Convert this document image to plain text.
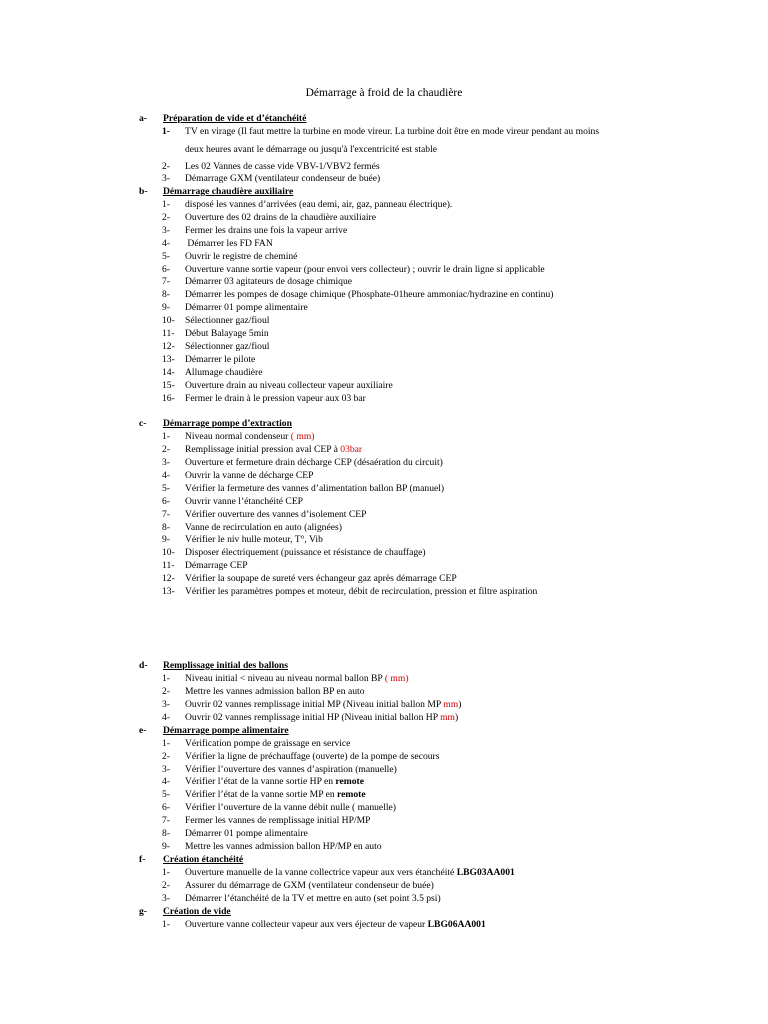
Démarrage à froid de la chaudière
a- Préparation de vide et d’étanchéité
1- TV en virage (Il faut mettre la turbine en mode vireur. La turbine doit être en mode vireur pendant au moins
deux heures avant le démarrage ou jusqu'à l'excentricité est stable
2- Les 02 Vannes de casse vide VBV-1/VBV2 fermés
3- Démarrage GXM (ventilateur condenseur de buée)
b- Démarrage chaudière auxiliaire
1- disposé les vannes d’arrivées (eau demi, air, gaz, panneau électrique).
2- Ouverture des 02 drains de la chaudière auxiliaire
3- Fermer les drains une fois la vapeur arrive
4- Démarrer les FD FAN
5- Ouvrir le registre de cheminé
6- Ouverture vanne sortie vapeur (pour envoi vers collecteur) ; ouvrir le drain ligne si applicable
7- Démarrer 03 agitateurs de dosage chimique
8- Démarrer les pompes de dosage chimique (Phosphate-01heure ammoniac/hydrazine en continu)
9- Démarrer 01 pompe alimentaire
10- Sélectionner gaz/fioul
11- Début Balayage 5min
12- Sélectionner gaz/fioul
13- Démarrer le pilote
14- Allumage chaudière
15- Ouverture drain au niveau collecteur vapeur auxiliaire
16- Fermer le drain à le pression vapeur aux 03 bar
c- Démarrage pompe d’extraction
1- Niveau normal condenseur ( mm)
2- Remplissage initial pression aval CEP à 03bar
3- Ouverture et fermeture drain décharge CEP (désaération du circuit)
4- Ouvrir la vanne de décharge CEP
5- Vérifier la fermeture des vannes d’alimentation ballon BP (manuel)
6- Ouvrir vanne l’étanchéité CEP
7- Vérifier ouverture des vannes d’isolement CEP
8- Vanne de recirculation en auto (alignées)
9- Vérifier le niv hulle moteur, T°, Vib
10- Disposer électriquement (puissance et résistance de chauffage)
11- Démarrage CEP
12- Vérifier la soupape de sureté vers échangeur gaz après démarrage CEP
13- Vérifier les paramètres pompes et moteur, débit de recirculation, pression et filtre aspiration
d- Remplissage initial des ballons
1- Niveau initial < niveau au niveau normal ballon BP ( mm)
2- Mettre les vannes admission ballon BP en auto
3- Ouvrir 02 vannes remplissage initial MP (Niveau initial ballon MP mm)
4- Ouvrir 02 vannes remplissage initial HP (Niveau initial ballon HP mm)
e- Démarrage pompe alimentaire
1- Vérification pompe de graissage en service
2- Vérifier la ligne de préchauffage (ouverte) de la pompe de secours
3- Vérifier l’ouverture des vannes d’aspiration (manuelle)
4- Vérifier l’état de la vanne sortie HP en remote
5- Vérifier l’état de la vanne sortie MP en remote
6- Vérifier l’ouverture de la vanne débit nulle ( manuelle)
7- Fermer les vannes de remplissage initial HP/MP
8- Démarrer 01 pompe alimentaire
9- Mettre les vannes admission ballon HP/MP en auto
f- Création étanchéité
1- Ouverture manuelle de la vanne collectrice vapeur aux vers étanchéité LBG03AA001
2- Assurer du démarrage de GXM (ventilateur condenseur de buée)
3- Démarrer l’étanchéité de la TV et mettre en auto (set point 3.5 psi)
g- Création de vide
1- Ouverture vanne collecteur vapeur aux vers éjecteur de vapeur LBG06AA001
